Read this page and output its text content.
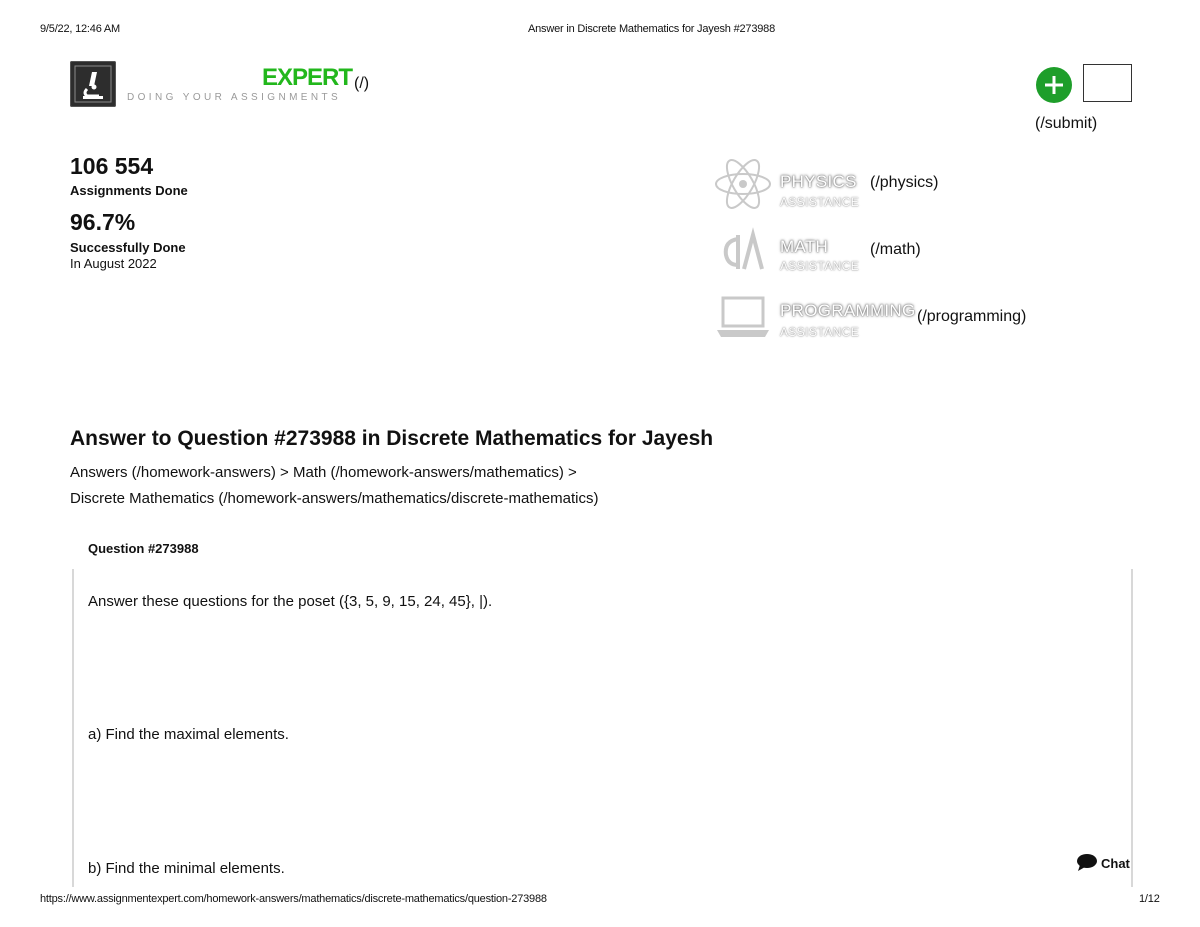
9/5/22, 12:46 AM	Answer in Discrete Mathematics for Jayesh #273988
https://www.assignmentexpert.com/homework-answers/mathematics/discrete-mathematics/question-273988	1/12
DOING YOUR ASSIGNMENTS
EXPERT (/)
(/submit)
106 554
Assignments Done
96.7%
Successfully Done
In August 2022
PHYSICS
ASSISTANCE
(/physics)
MATH
ASSISTANCE
(/math)
PROGRAMMING
ASSISTANCE
(/programming)
Answer to Question #273988 in Discrete Mathematics for Jayesh
Answers (/homework-answers) > Math (/homework-answers/mathematics) >
Discrete Mathematics (/homework-answers/mathematics/discrete-mathematics)
Question #273988
Answer these questions for the poset ({3, 5, 9, 15, 24, 45}, |).
a) Find the maximal elements.
b) Find the minimal elements.	Chat
